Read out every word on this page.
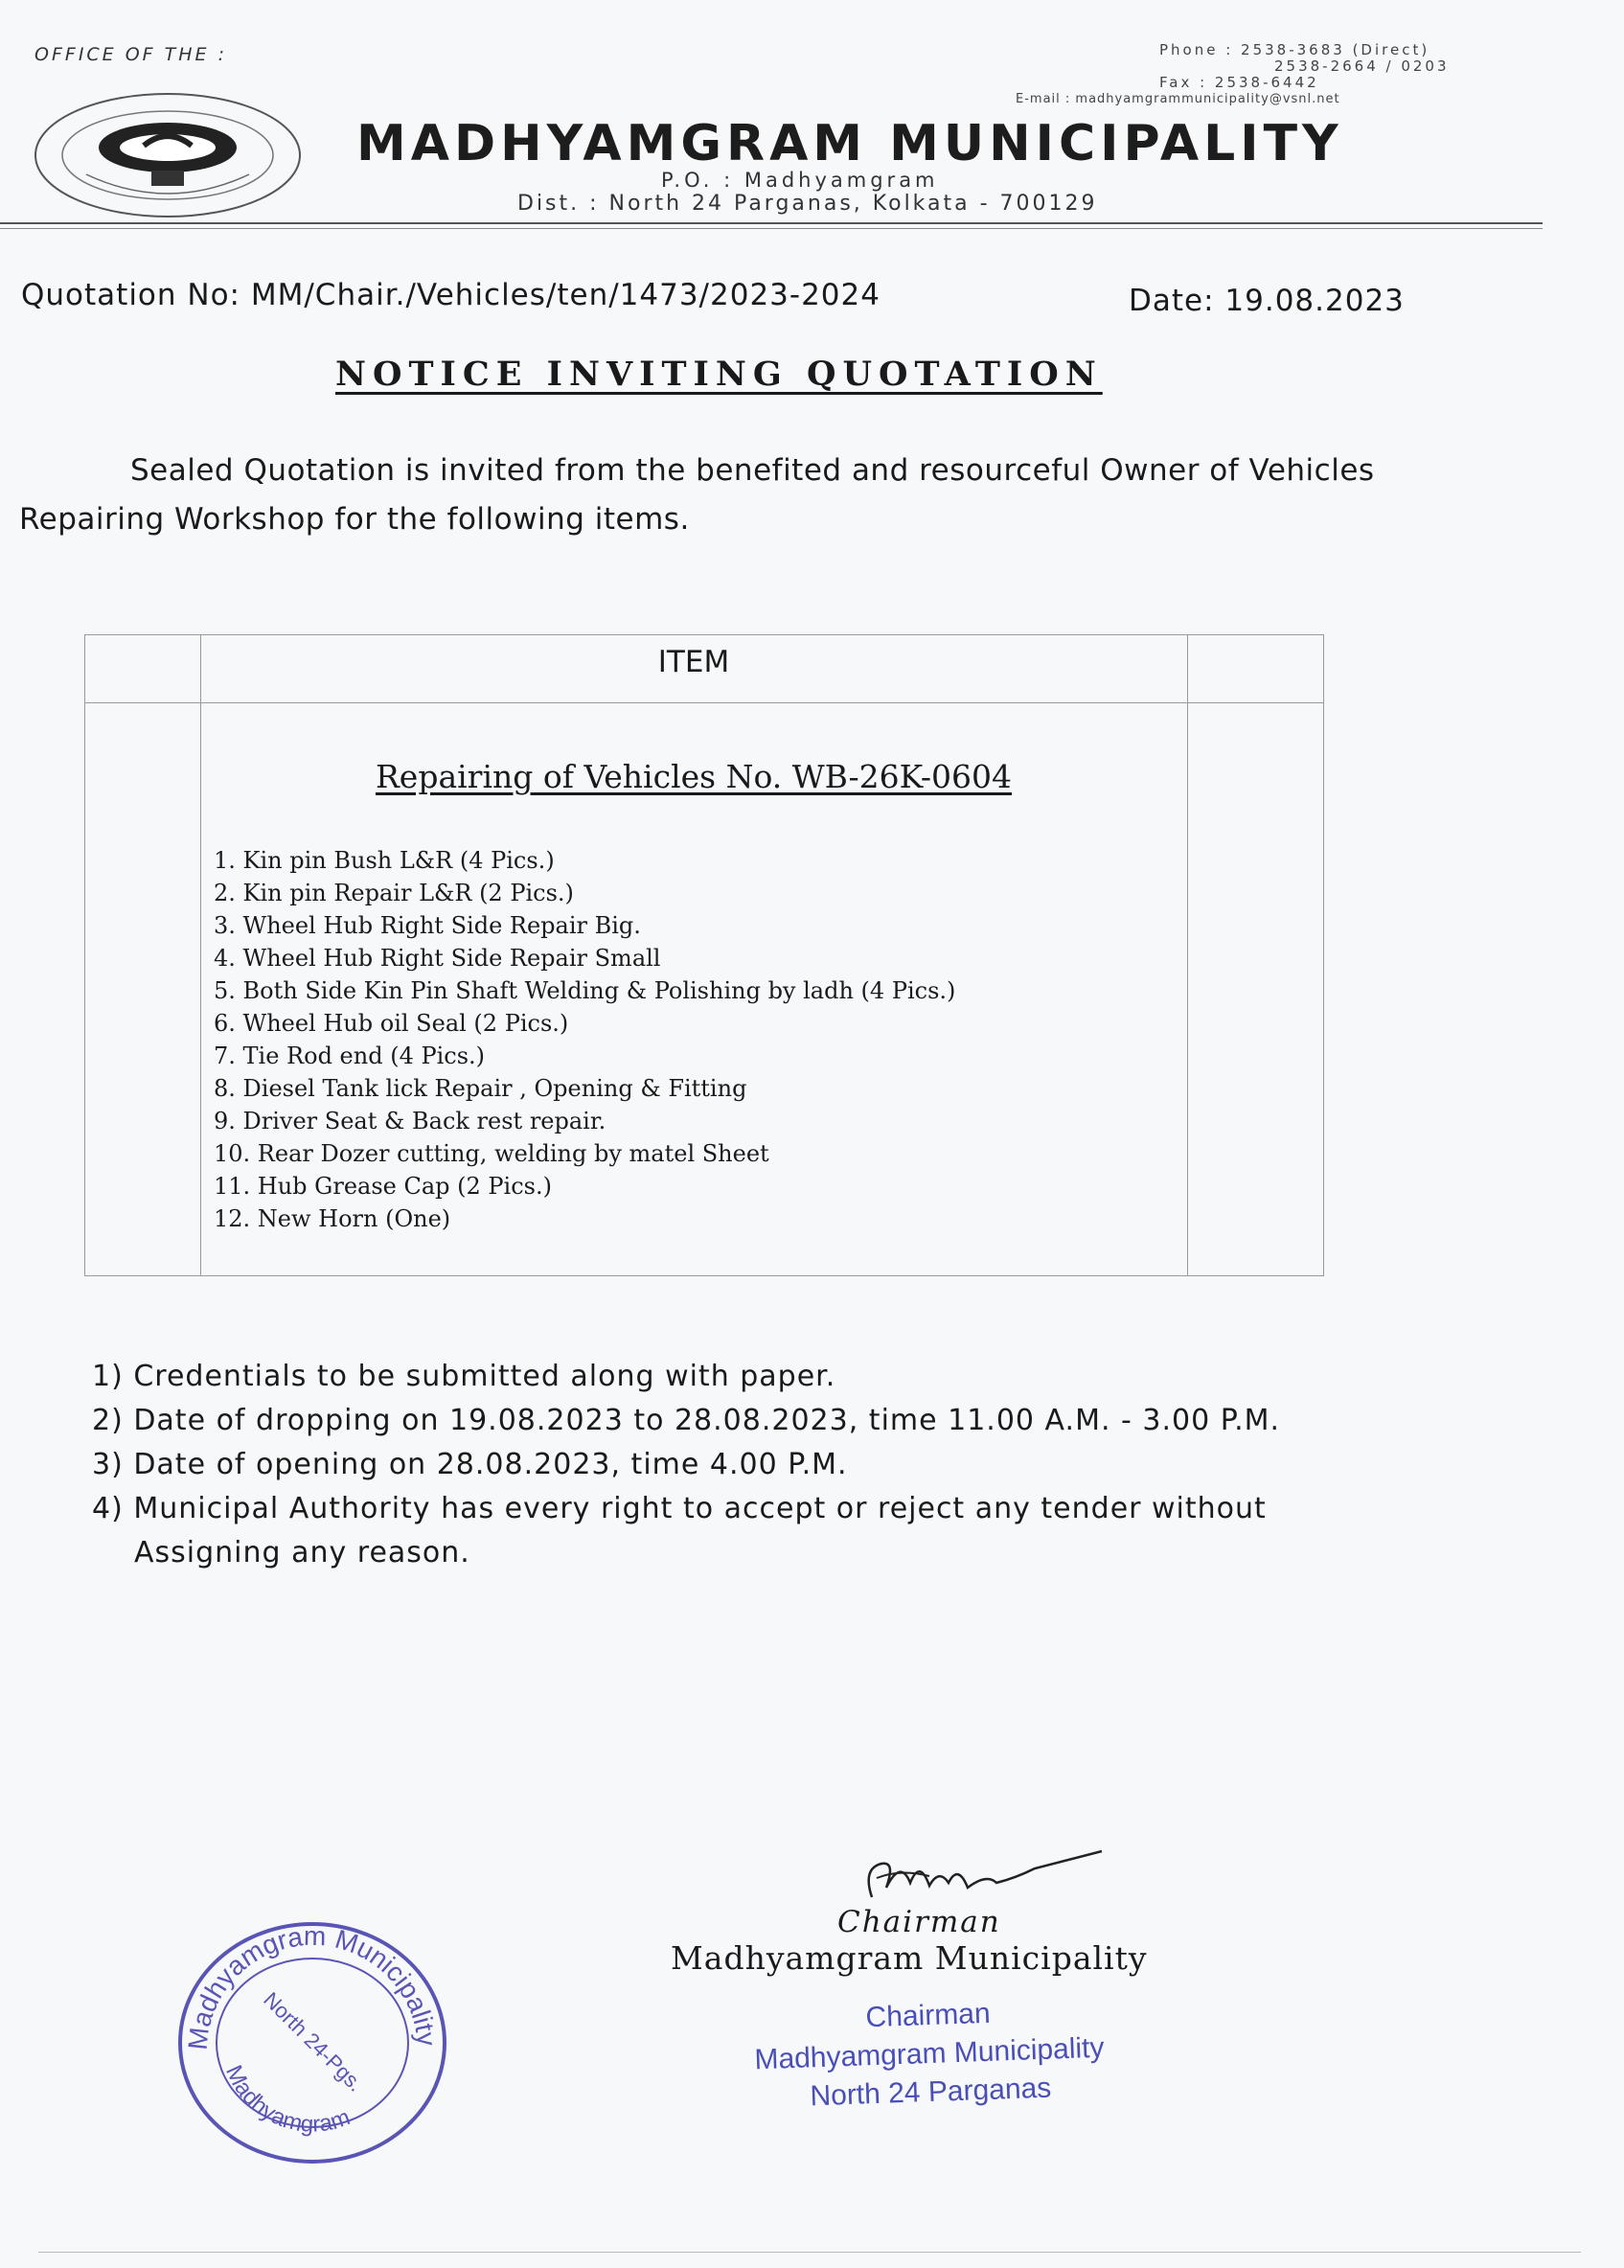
OFFICE OF THE :	Phone : 2538-3683 (Direct)
2538-2664 / 0203
Fax : 2538-6442
E-mail : madhyamgrammunicipality@vsnl.net
MADHYAMGRAM MUNICIPALITY
P.O. : Madhyamgram
Dist. : North 24 Parganas, Kolkata - 700129
Quotation No: MM/Chair./Vehicles/ten/1473/2023-2024	Date: 19.08.2023
NOTICE INVITING QUOTATION
Sealed Quotation is invited from the benefited and resourceful Owner of Vehicles Repairing Workshop for the following items.
ITEM
Repairing of Vehicles No. WB-26K-0604
1. Kin pin Bush L&R (4 Pics.)
2. Kin pin Repair L&R (2 Pics.)
3. Wheel Hub Right Side Repair Big.
4. Wheel Hub Right Side Repair Small
5. Both Side Kin Pin Shaft Welding & Polishing by ladh (4 Pics.)
6. Wheel Hub oil Seal (2 Pics.)
7. Tie Rod end (4 Pics.)
8. Diesel Tank lick Repair , Opening & Fitting
9. Driver Seat & Back rest repair.
10. Rear Dozer cutting, welding by matel Sheet
11. Hub Grease Cap (2 Pics.)
12. New Horn (One)
1) Credentials to be submitted along with paper.
2) Date of dropping on 19.08.2023 to 28.08.2023, time 11.00 A.M. - 3.00 P.M.
3) Date of opening on 28.08.2023, time 4.00 P.M.
4) Municipal Authority has every right to accept or reject any tender without
Assigning any reason.
Chairman
Madhyamgram Municipality
Chairman
Madhyamgram Municipality
North 24 Parganas
Madhyamgram Municipality
Madhyamgram
North 24-Pgs.
